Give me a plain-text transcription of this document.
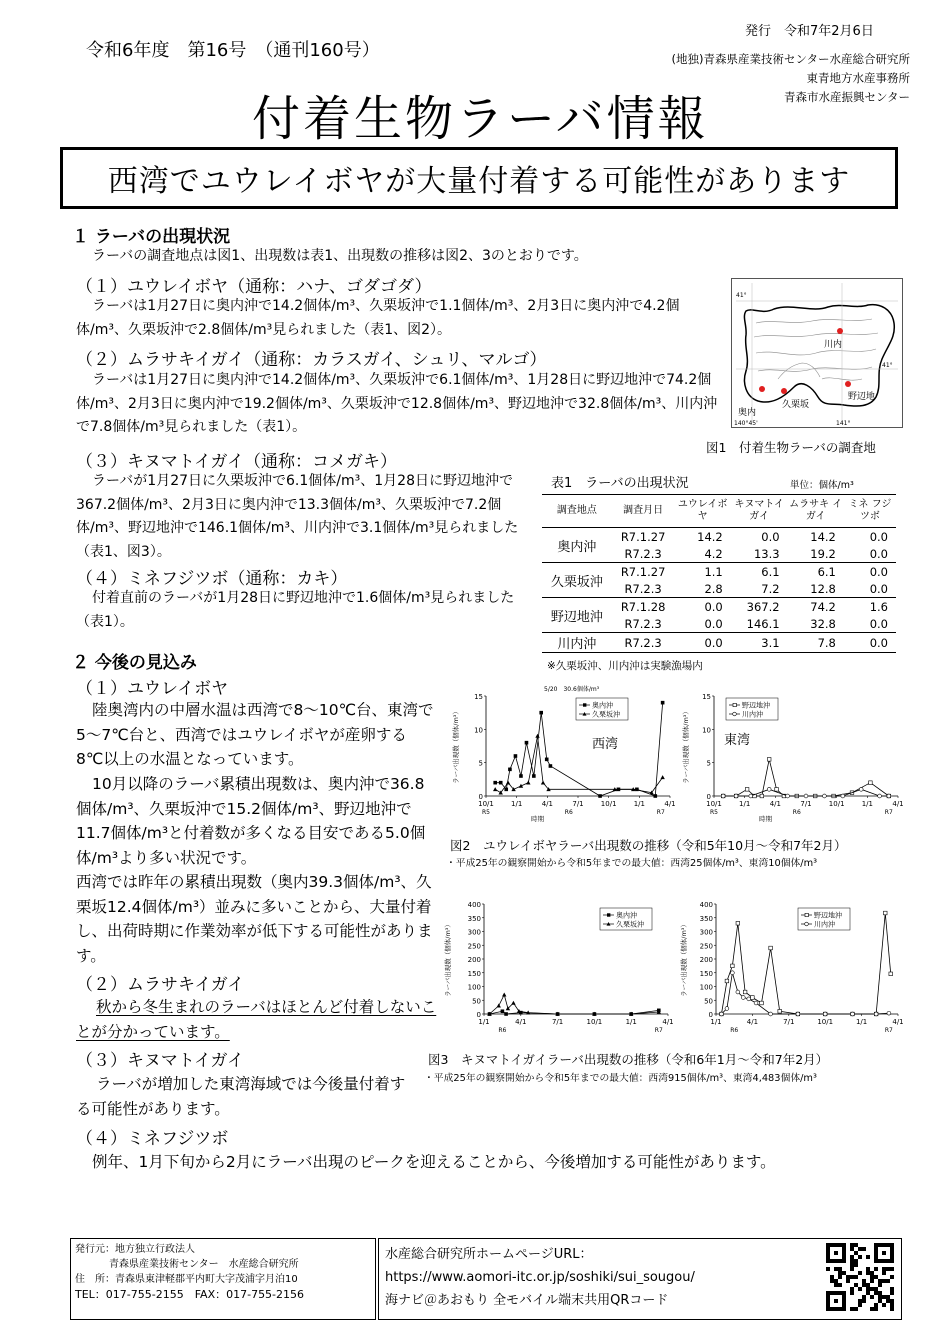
令和6年度　第16号　（通刊160号）
発行　令和7年2月6日
(地独)青森県産業技術センター水産総合研究所
東青地方水産事務所
青森市水産振興センター
付着生物ラーバ情報
西湾でユウレイボヤが大量付着する可能性があります
１ ラーバの出現状況
ラーバの調査地点は図1、出現数は表1、出現数の推移は図2、3のとおりです。
（１）ユウレイボヤ（通称：ハナ、ゴダゴダ）
ラーバは1月27日に奥内沖で14.2個体/m³、久栗坂沖で1.1個体/m³、2月3日に奥内沖で4.2個体/m³、久栗坂沖で2.8個体/m³見られました（表1、図2）。
（２）ムラサキイガイ（通称：カラスガイ、シュリ、マルゴ）
ラーバは1月27日に奥内沖で14.2個体/m³、久栗坂沖で6.1個体/m³、1月28日に野辺地沖で74.2個体/m³、2月3日に奥内沖で19.2個体/m³、久栗坂沖で12.8個体/m³、野辺地沖で32.8個体/m³、川内沖で7.8個体/m³見られました（表1）。
（３）キヌマトイガイ（通称：コメガキ）
ラーバが1月27日に久栗坂沖で6.1個体/m³、1月28日に野辺地沖で367.2個体/m³、2月3日に奥内沖で13.3個体/m³、久栗坂沖で7.2個体/m³、野辺地沖で146.1個体/m³、川内沖で3.1個体/m³見られました（表1、図3）。
（４）ミネフジツボ（通称：カキ）
付着直前のラーバが1月28日に野辺地沖で1.6個体/m³見られました（表1）。
川内
野辺地
奥内
久栗坂
41°
41°
140°45'	141°
図1　付着生物ラーバの調査地
表1　ラーバの出現状況	単位：個体/m³
調査地点	調査月日	ユウレイボヤ	キヌマトイ ガイ	ムラサキ イガイ	ミネ フジツボ
奥内沖	R7.1.27	14.2	0.0	14.2	0.0
	R7.2.3	4.2	13.3	19.2	0.0
久栗坂沖	R7.1.27	1.1	6.1	6.1	0.0
	R7.2.3	2.8	7.2	12.8	0.0
野辺地沖	R7.1.28	0.0	367.2	74.2	1.6
	R7.2.3	0.0	146.1	32.8	0.0
川内沖	R7.2.3	0.0	3.1	7.8	0.0
※久栗坂沖、川内沖は実験漁場内
２ 今後の見込み
（１）ユウレイボヤ
陸奥湾内の中層水温は西湾で8～10℃台、東湾で5～7℃台と、西湾ではユウレイボヤが産卵する8℃以上の水温となっています。
10月以降のラーバ累積出現数は、奥内沖で36.8個体/m³、久栗坂沖で15.2個体/m³、野辺地沖で11.7個体/m³と付着数が多くなる目安である5.0個体/m³より多い状況です。
西湾では昨年の累積出現数（奥内39.3個体/m³、久栗坂12.4個体/m³）並みに多いことから、大量付着し、出荷時期に作業効率が低下する可能性があります。
（２）ムラサキイガイ
秋から冬生まれのラーバはほとんど付着しないことが分かっています。
（３）キヌマトイガイ
ラーバが増加した東湾海域では今後量付着する可能性があります。
（４）ミネフジツボ
例年、1月下旬から2月にラーバ出現のピークを迎えることから、今後増加する可能性があります。
0
5
10
15
10/1 1/1	4/1	7/1 10/1 1/1	4/1
R5	R6	R7
ラーバ出現数（個体/m³）
時期
奥内沖
久栗坂沖
西湾
5/20　30.6個体/m³
0
5
10
15
10/1 1/1	4/1	7/1 10/1 1/1	4/1
R5	R6	R7
ラーバ出現数（個体/m³）
時期
野辺地沖
川内沖
東湾
図2　ユウレイボヤラーバ出現数の推移（令和5年10月～令和7年2月）
・平成25年の観察開始から令和5年までの最大値：西湾25個体/m³、東湾10個体/m³
0
50
100
150
200
250
300
350
400
1/1	4/1	7/1	10/1	1/1	4/1
R6	R7
ラーバ出現数（個体/m³）
奥内沖
久栗坂沖
0
50
100
150
200
250
300
350
400
1/1	4/1	7/1	10/1	1/1	4/1
R6	R7
ラーバ出現数（個体/m³）
野辺地沖
川内沖
図3　キヌマトイガイラーバ出現数の推移（令和6年1月～令和7年2月）
・平成25年の観察開始から令和5年までの最大値：西湾915個体/m³、東湾4,483個体/m³
発行元：地方独立行政法人
青森県産業技術センター　水産総合研究所
住　所：青森県東津軽郡平内町大字茂浦字月泊10
TEL：017-755-2155　FAX：017-755-2156
水産総合研究所ホームページURL：
https://www.aomori-itc.or.jp/soshiki/sui_sougou/
海ナビ＠あおもり 全モバイル端末共用QRコード
